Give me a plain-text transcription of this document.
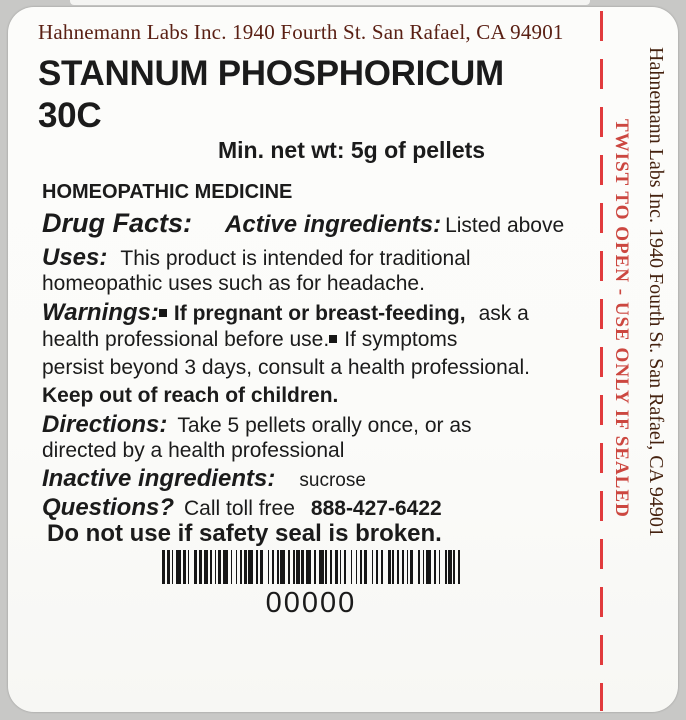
Hahnemann Labs Inc. 1940 Fourth St. San Rafael, CA 94901
STANNUM PHOSPHORICUM
30C
Min. net wt: 5g of pellets
HOMEOPATHIC MEDICINE
Drug Facts: Active ingredients: Listed above
Uses: This product is intended for traditional
homeopathic uses such as for headache.
Warnings: If pregnant or breast-feeding, ask a
health professional before use. If symptoms
persist beyond 3 days, consult a health professional.
Keep out of reach of children.
Directions: Take 5 pellets orally once, or as
directed by a health professional
Inactive ingredients: sucrose
Questions? Call toll free 888-427-6422
Do not use if safety seal is broken.
00000
TWIST TO OPEN - USE ONLY IF SEALED Hahnemann Labs Inc. 1940 Fourth St. San Rafael, CA 94901
